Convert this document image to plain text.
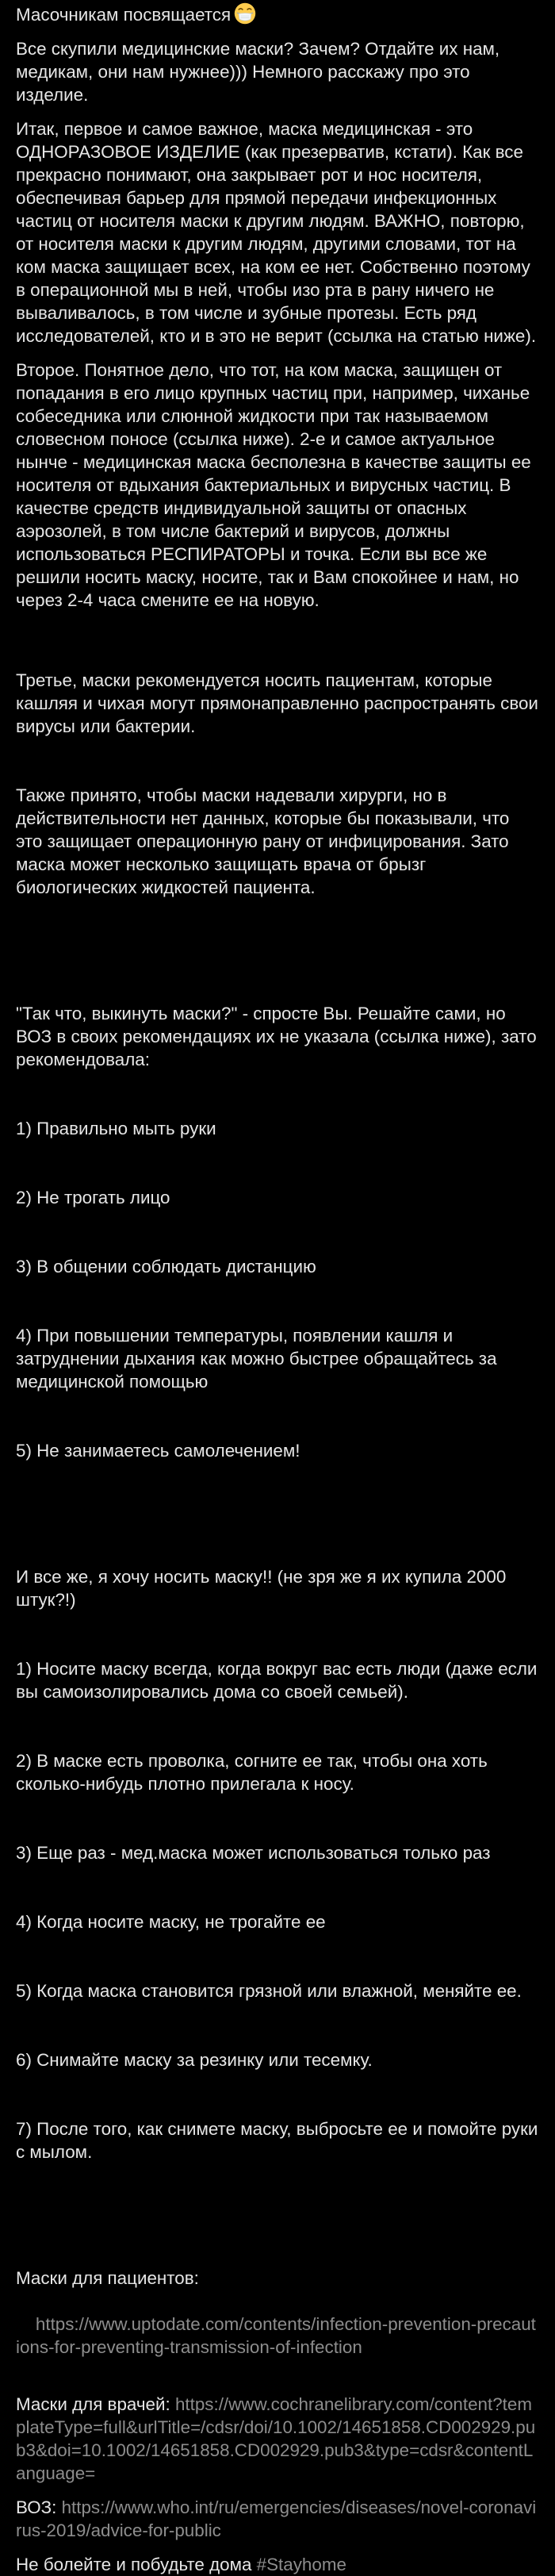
Масочникам посвящается

Все скупили медицинские маски? Зачем? Отдайте их нам, медикам, они нам нужнее))) Немного расскажу про это изделие.

Итак, первое и самое важное, маска медицинская - это ОДНОРАЗОВОЕ ИЗДЕЛИЕ (как презерватив, кстати). Как все прекрасно понимают, она закрывает рот и нос носителя, обеспечивая барьер для прямой передачи инфекционных частиц от носителя маски к другим людям. ВАЖНО, повторю, от носителя маски к другим людям, другими словами, тот на ком маска защищает всех, на ком ее нет. Собственно поэтому в операционной мы в ней, чтобы изо рта в рану ничего не вываливалось, в том числе и зубные протезы. Есть ряд исследователей, кто и в это не верит (ссылка на статью ниже).

Второе. Понятное дело, что тот, на ком маска, защищен от попадания в его лицо крупных частиц при, например, чиханье собеседника или слюнной жидкости при так называемом словесном поносе (ссылка ниже). 2-е и самое актуальное нынче - медицинская маска бесполезна в качестве защиты ее носителя от вдыхания бактериальных и вирусных частиц. В качестве средств индивидуальной защиты от опасных аэрозолей, в том числе бактерий и вирусов, должны использоваться РЕСПИРАТОРЫ и точка. Если вы все же решили носить маску, носите, так и Вам спокойнее и нам, но через 2-4 часа смените ее на новую.

Третье, маски рекомендуется носить пациентам, которые кашляя и чихая могут прямонаправленно распространять свои вирусы или бактерии.

Также принято, чтобы маски надевали хирурги, но в действительности нет данных, которые бы показывали, что это защищает операционную рану от инфицирования. Зато маска может несколько защищать врача от брызг биологических жидкостей пациента.

"Так что, выкинуть маски?" - спросте Вы. Решайте сами, но ВОЗ в своих рекомендациях их не указала (ссылка ниже), зато рекомендовала:

1) Правильно мыть руки

2) Не трогать лицо

3) В общении соблюдать дистанцию

4) При повышении температуры, появлении кашля и затруднении дыхания как можно быстрее обращайтесь за медицинской помощью

5) Не занимаетесь самолечением!

И все же, я хочу носить маску!! (не зря же я их купила 2000 штук?!)

1) Носите маску всегда, когда вокруг вас есть люди (даже если вы самоизолировались дома со своей семьей).

2) В маске есть проволка, согните ее так, чтобы она хоть сколько-нибудь плотно прилегала к носу.

3) Еще раз - мед.маска может использоваться только раз

4) Когда носите маску, не трогайте ее

5) Когда маска становится грязной или влажной, меняйте ее.

6) Снимайте маску за резинку или тесемку.

7) После того, как снимете маску, выбросьте ее и помойте руки с мылом.

Маски для пациентов:

https://www.uptodate.com/contents/infection-prevention-precautions-for-preventing-transmission-of-infection

Маски для врачей: https://www.cochranelibrary.com/content?templateType=full&urlTitle=/cdsr/doi/10.1002/14651858.CD002929.pub3&doi=10.1002/14651858.CD002929.pub3&type=cdsr&contentLanguage=
ВОЗ: https://www.who.int/ru/emergencies/diseases/novel-coronavirus-2019/advice-for-public
Не болейте и побудьте дома #Stayhome
